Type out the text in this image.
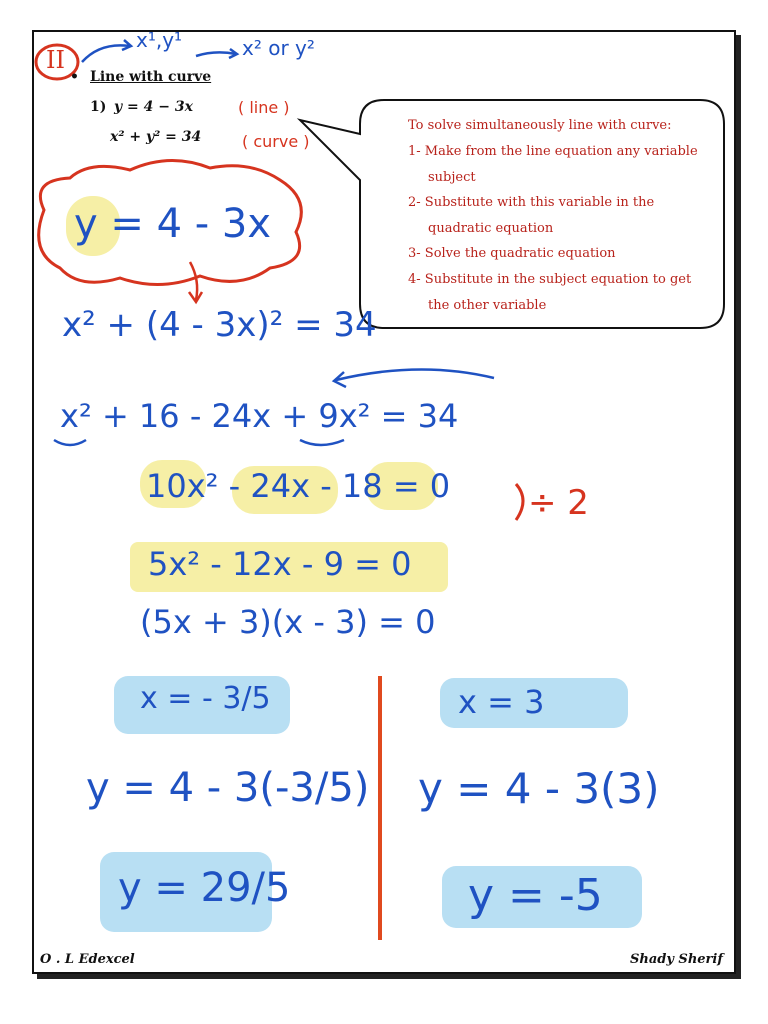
II
x¹,y¹	x² or y²
• Line with curve
1) y = 4 − 3x
x² + y² = 34
( line )
( curve )
To solve simultaneously line with curve:
1- Make from the line equation any variable
subject
2- Substitute with this variable in the
quadratic equation
3- Solve the quadratic equation
4- Substitute in the subject equation to get
the other variable
y = 4 - 3x
x² + (4 - 3x)² = 34
x² + 16 - 24x + 9x² = 34
10x² - 24x - 18 = 0 ÷ 2
5x² - 12x - 9 = 0
(5x + 3)(x - 3) = 0
x = - 3/5
y = 4 - 3(-3/5)
y = 29/5
x = 3
y = 4 - 3(3)
y = -5
O . L Edexcel	Shady Sherif
